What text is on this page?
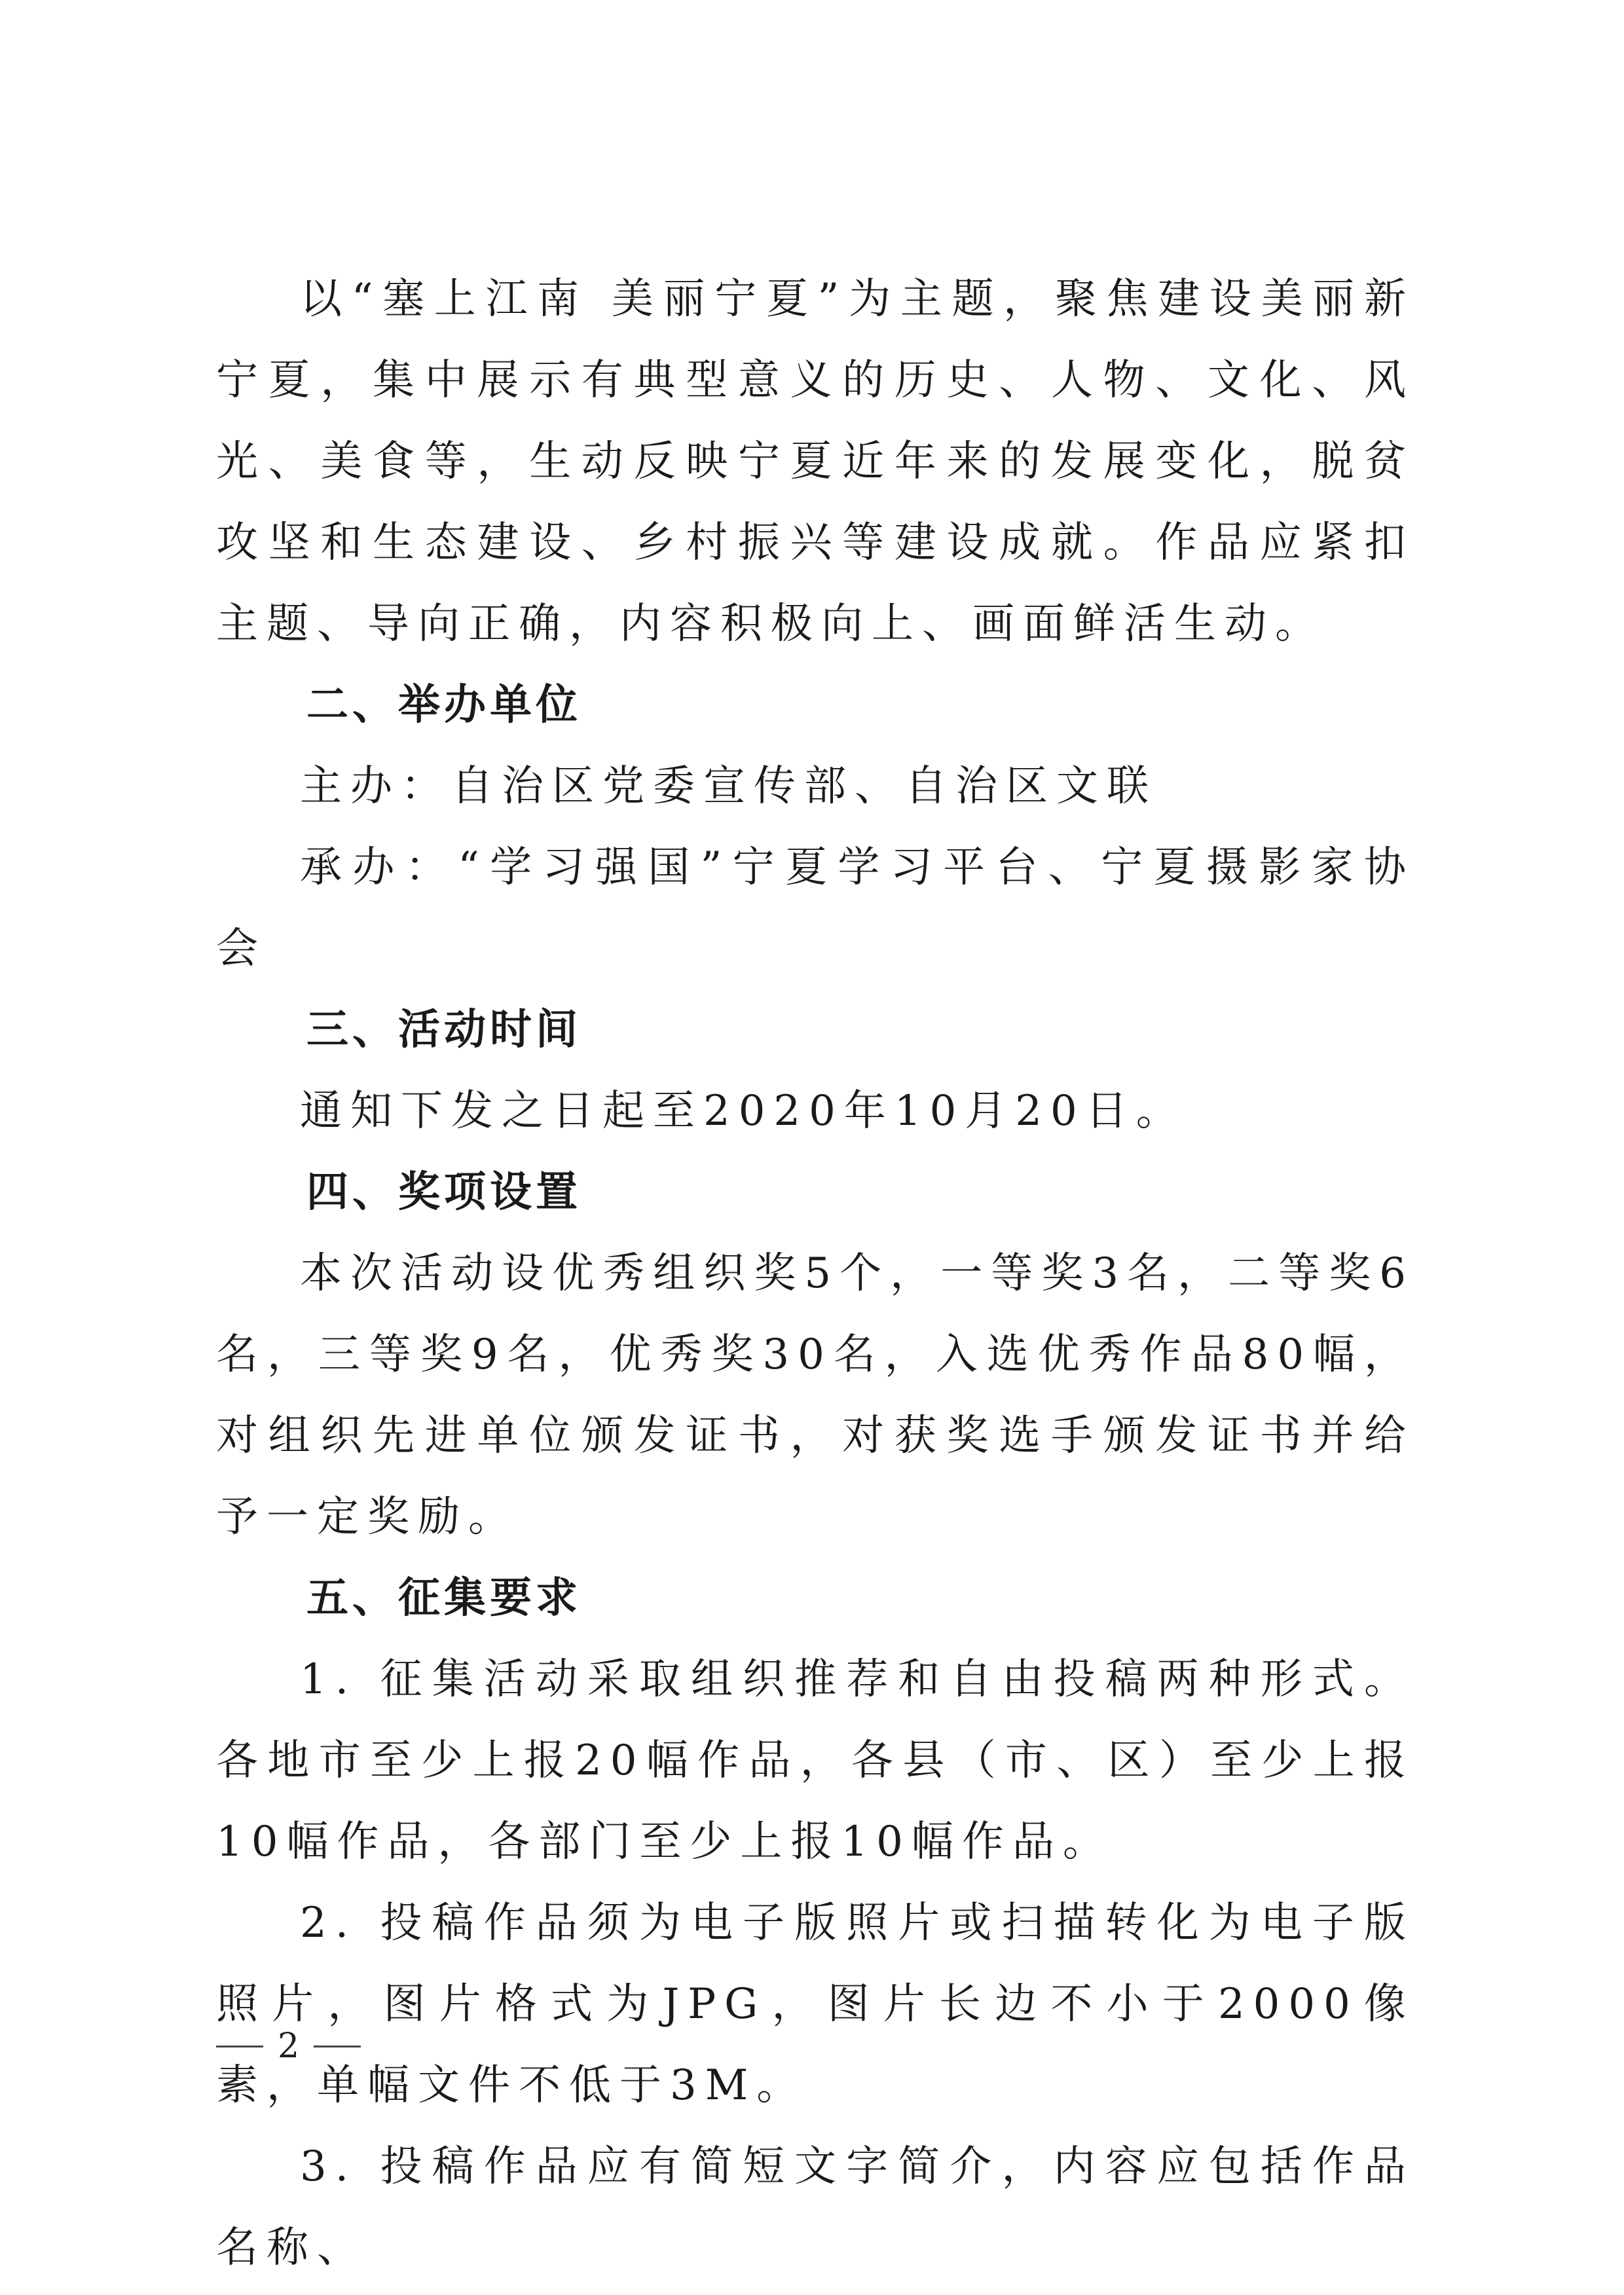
以“塞上江南 美丽宁夏”为主题，聚焦建设美丽新宁夏，集中展示有典型意义的历史、人物、文化、风光、美食等，生动反映宁夏近年来的发展变化，脱贫攻坚和生态建设、乡村振兴等建设成就。作品应紧扣主题、导向正确，内容积极向上、画面鲜活生动。

二、举办单位

主办：自治区党委宣传部、自治区文联

承办：“学习强国”宁夏学习平台、宁夏摄影家协会

三、活动时间

通知下发之日起至2020年10月20日。

四、奖项设置

本次活动设优秀组织奖5个，一等奖3名，二等奖6名，三等奖9名，优秀奖30名，入选优秀作品80幅，对组织先进单位颁发证书，对获奖选手颁发证书并给予一定奖励。

五、征集要求

1. 征集活动采取组织推荐和自由投稿两种形式。各地市至少上报20幅作品，各县（市、区）至少上报10幅作品，各部门至少上报10幅作品。

2. 投稿作品须为电子版照片或扫描转化为电子版照片，图片格式为JPG，图片长边不小于2000像素，单幅文件不低于3M。

3. 投稿作品应有简短文字简介，内容应包括作品名称、

2
